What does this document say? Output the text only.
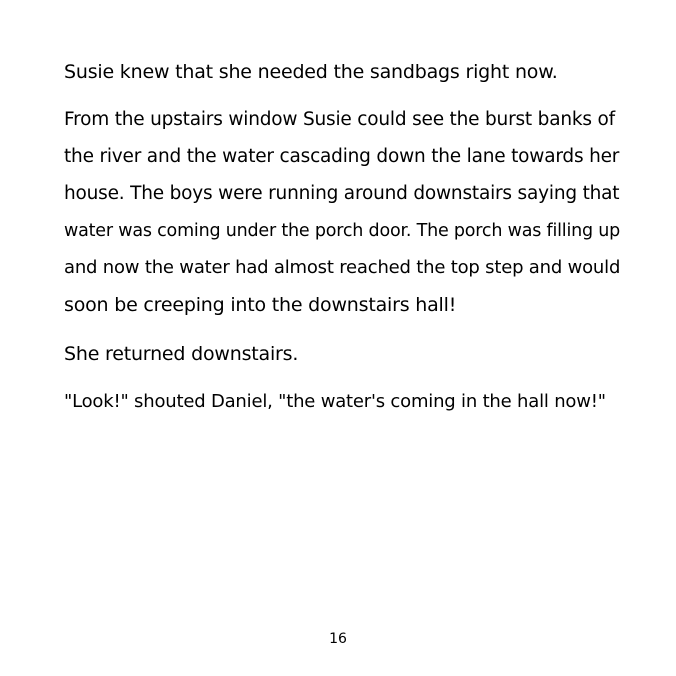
Susie knew that she needed the sandbags right now.

From the upstairs window Susie could see the burst banks of

the river and the water cascading down the lane towards her

house. The boys were running around downstairs saying that

water was coming under the porch door. The porch was filling up

and now the water had almost reached the top step and would

soon be creeping into the downstairs hall!

She returned downstairs.

"Look!" shouted Daniel, "the water's coming in the hall now!"

16
